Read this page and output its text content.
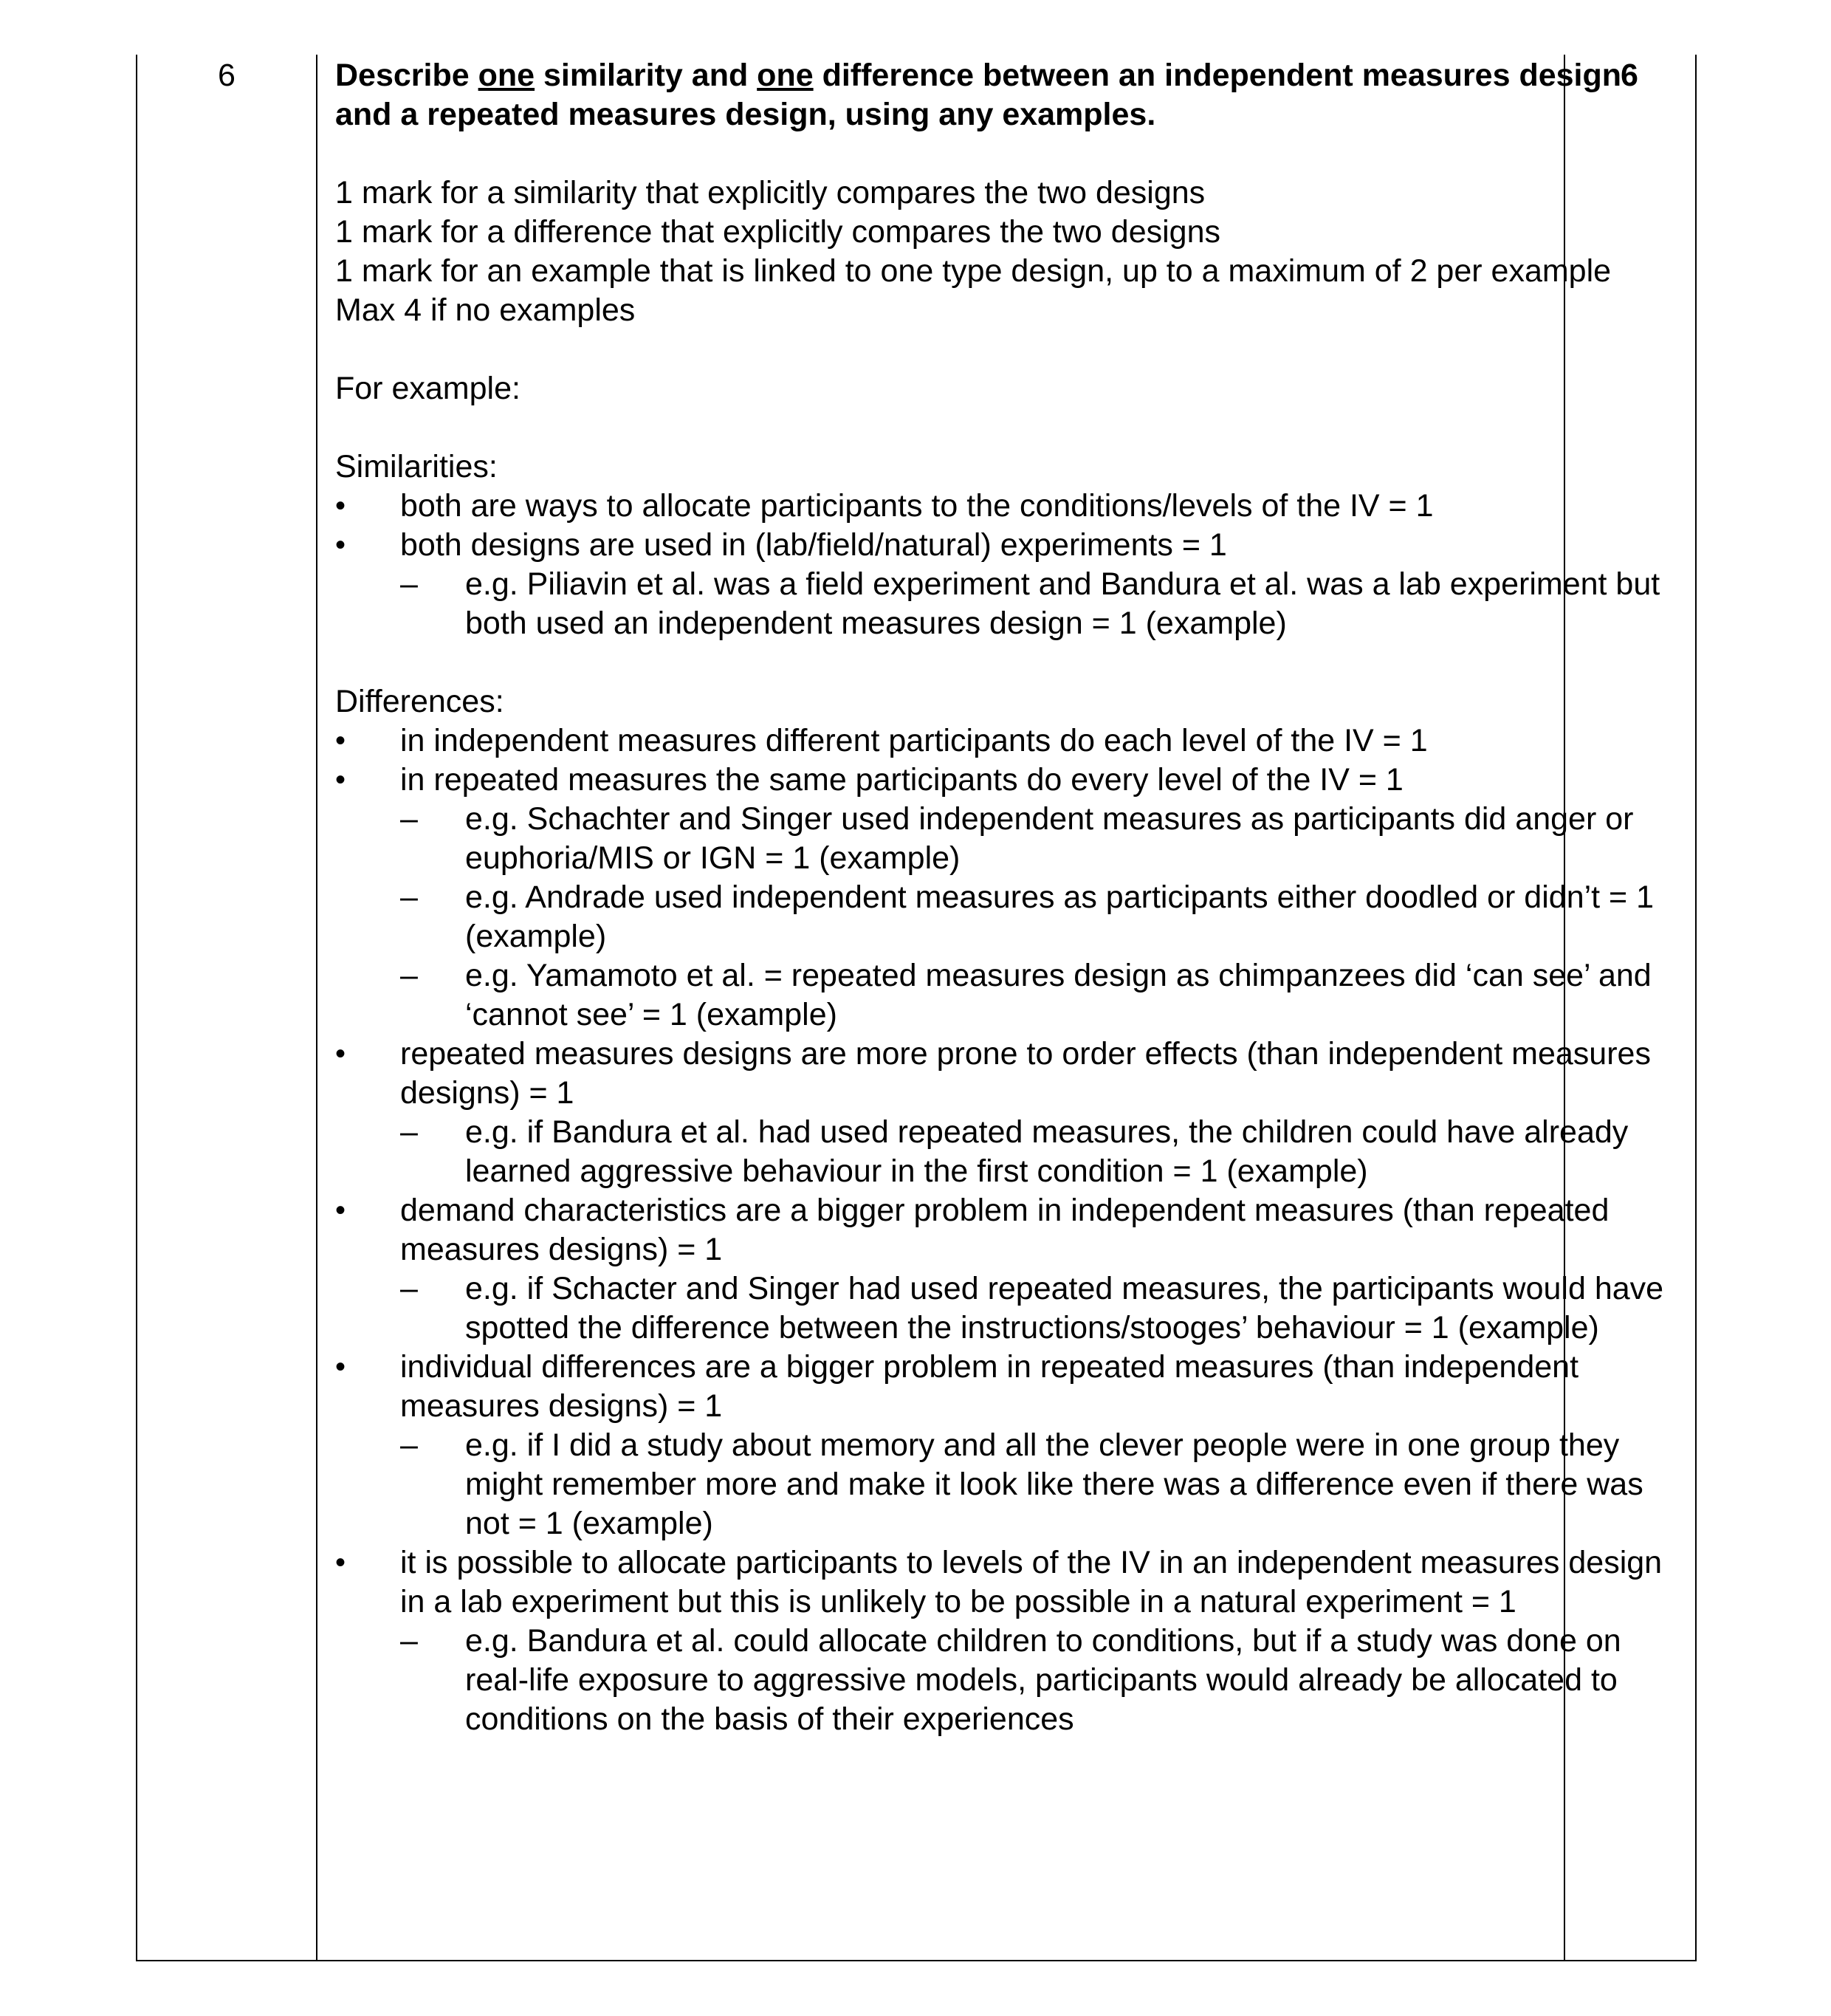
6	Describe one similarity and one difference between an independent measures design and a repeated measures design, using any examples.

1 mark for a similarity that explicitly compares the two designs

1 mark for a difference that explicitly compares the two designs

1 mark for an example that is linked to one type design, up to a maximum of 2 per example

Max 4 if no examples

For example:

Similarities:

•	both are ways to allocate participants to the conditions/levels of the IV = 1

•	both designs are used in (lab/field/natural) experiments = 1

– e.g. Piliavin et al. was a field experiment and Bandura et al. was a lab experiment but both used an independent measures design = 1 (example)

Differences:

•	in independent measures different participants do each level of the IV = 1

•	in repeated measures the same participants do every level of the IV = 1

– e.g. Schachter and Singer used independent measures as participants did anger or euphoria/MIS or IGN = 1 (example)

– e.g. Andrade used independent measures as participants either doodled or didn’t = 1 (example)

– e.g. Yamamoto et al. = repeated measures design as chimpanzees did ‘can see’ and ‘cannot see’ = 1 (example)

•	repeated measures designs are more prone to order effects (than independent measures designs) = 1

– e.g. if Bandura et al. had used repeated measures, the children could have already learned aggressive behaviour in the first condition = 1 (example)

•	demand characteristics are a bigger problem in independent measures (than repeated measures designs) = 1

– e.g. if Schacter and Singer had used repeated measures, the participants would have spotted the difference between the instructions/stooges’ behaviour = 1 (example)

•	individual differences are a bigger problem in repeated measures (than independent measures designs) = 1

– e.g. if I did a study about memory and all the clever people were in one group they might remember more and make it look like there was a difference even if there was not = 1 (example)

•	it is possible to allocate participants to levels of the IV in an independent measures design in a lab experiment but this is unlikely to be possible in a natural experiment = 1

– e.g. Bandura et al. could allocate children to conditions, but if a study was done on real-life exposure to aggressive models, participants would already be allocated to conditions on the basis of their experiences

6
